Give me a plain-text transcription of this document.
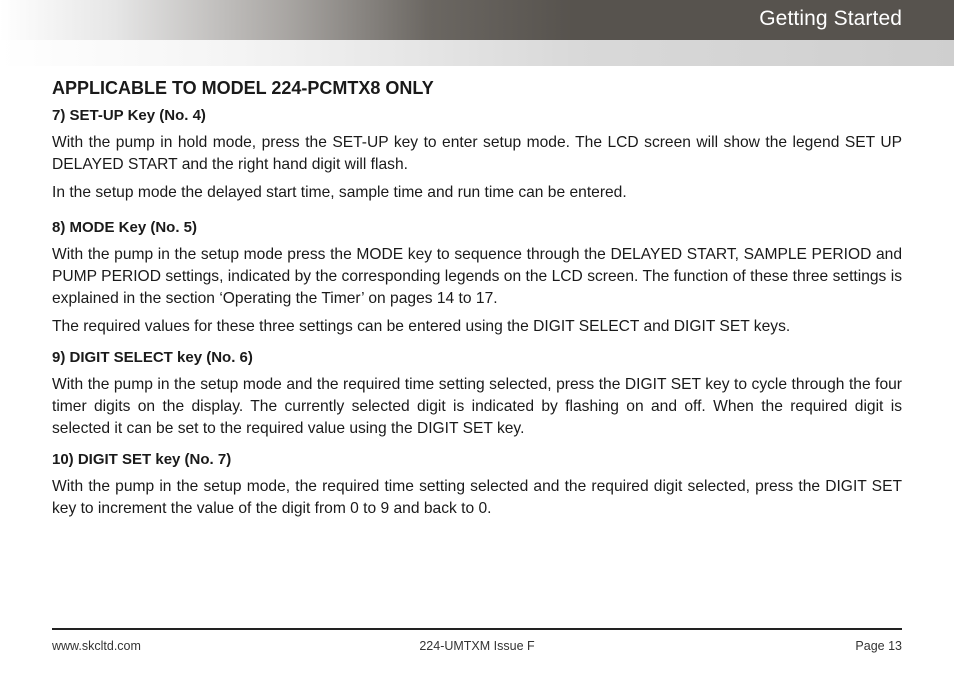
Getting Started
APPLICABLE TO MODEL 224-PCMTX8 ONLY
7) SET-UP Key (No. 4)

With the pump in hold mode, press the SET-UP key to enter setup mode. The LCD screen will show the legend SET UP DELAYED START and the right hand digit will flash.

In the setup mode the delayed start time, sample time and run time can be entered.

8) MODE Key (No. 5)

With the pump in the setup mode press the MODE key to sequence through the DELAYED START, SAMPLE PERIOD and PUMP PERIOD settings, indicated by the corresponding legends on the LCD screen. The function of these three settings is explained in the section ‘Operating the Timer’ on pages 14 to 17.

The required values for these three settings can be entered using the DIGIT SELECT and DIGIT SET keys.

9) DIGIT SELECT key (No. 6)

With the pump in the setup mode and the required time setting selected, press the DIGIT SET key to cycle through the four timer digits on the display. The currently selected digit is indicated by flashing on and off. When the required digit is selected it can be set to the required value using the DIGIT SET key.

10) DIGIT SET key (No. 7)

With the pump in the setup mode, the required time setting selected and the required digit selected, press the DIGIT SET key to increment the value of the digit from 0 to 9 and back to 0.

www.skcltd.com	224-UMTXM Issue F	Page 13
